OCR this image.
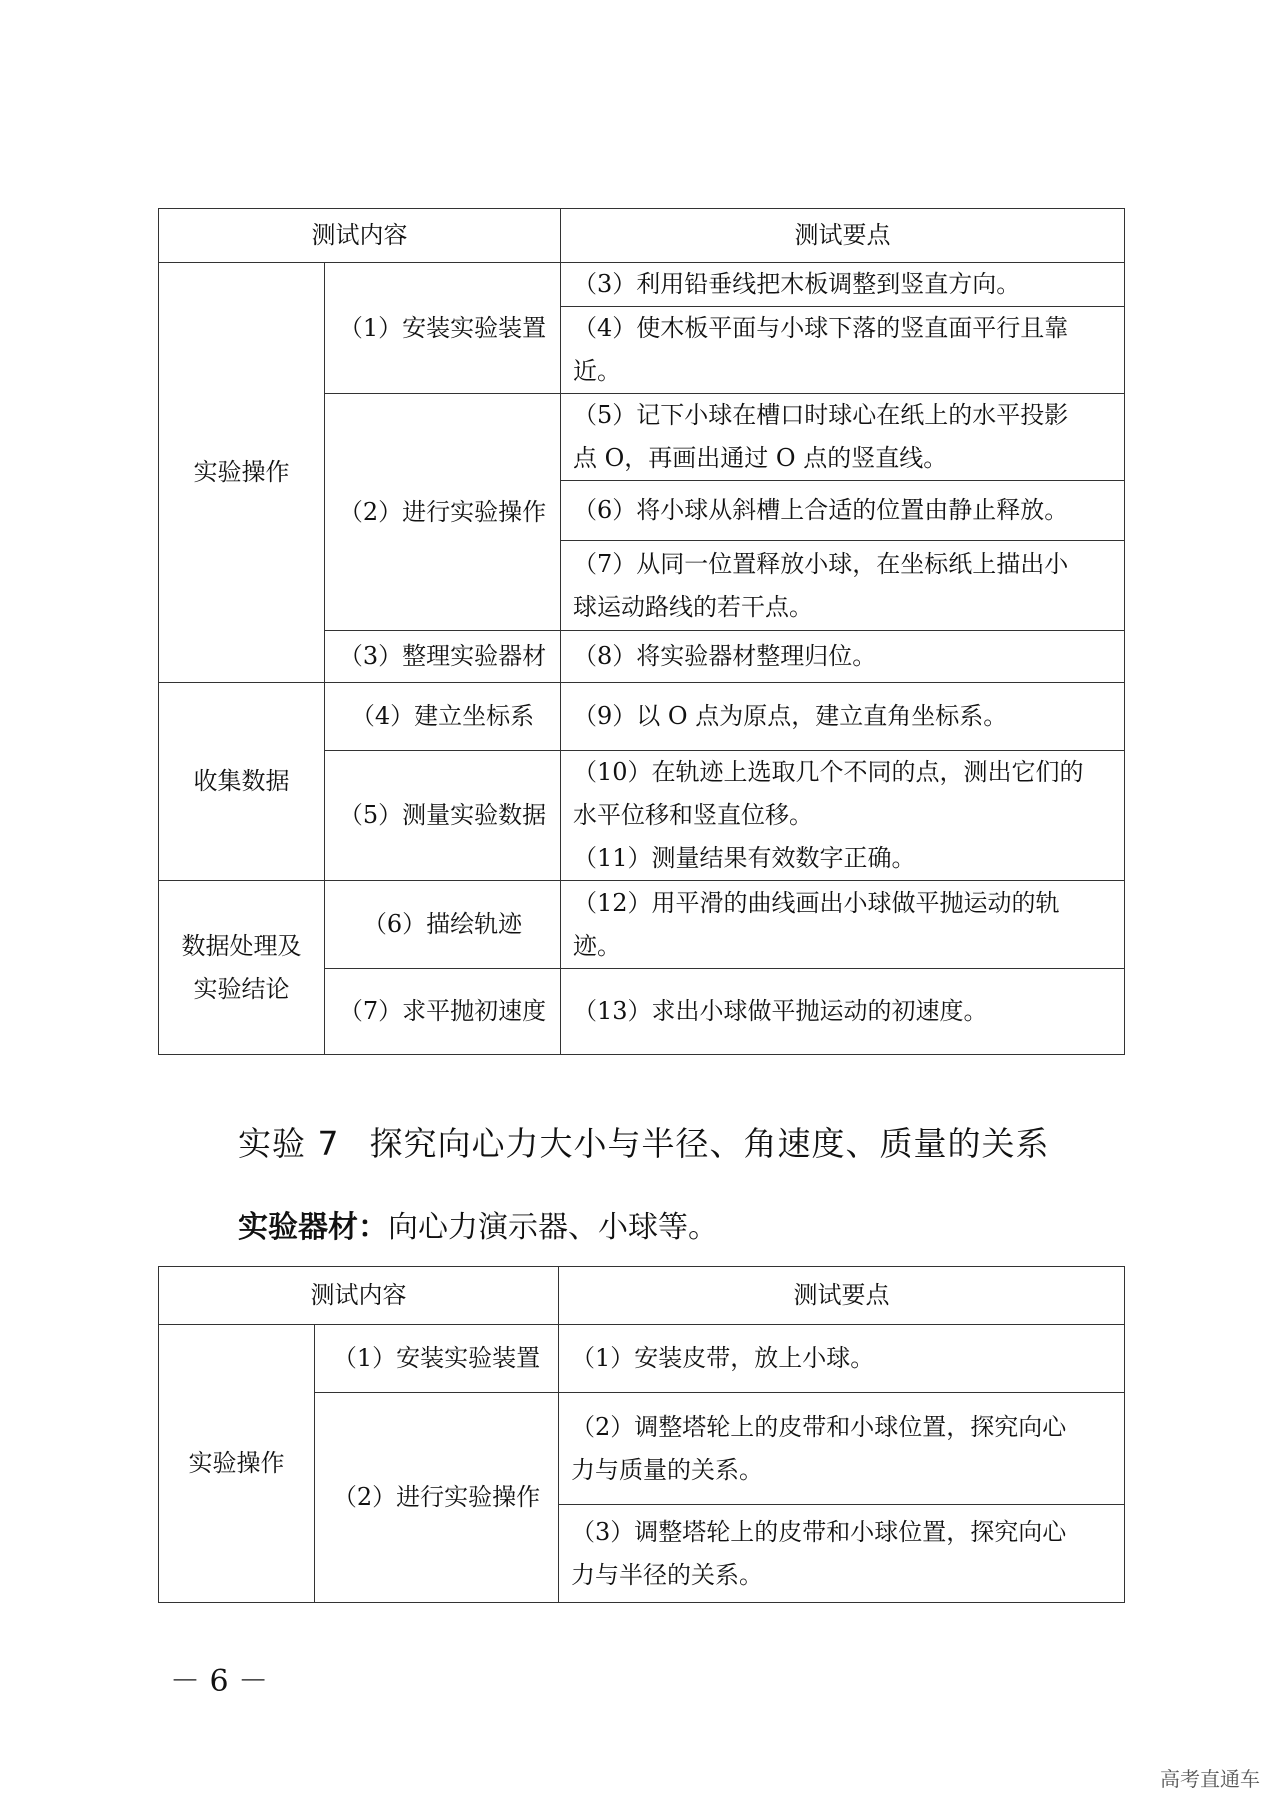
测试内容		测试要点
实验操作	（1）安装实验装置	（3）利用铅垂线把木板调整到竖直方向。

		（4）使木板平面与小球下落的竖直面平行且靠
近。

	（2）进行实验操作	（5）记下小球在槽口时球心在纸上的水平投影
点 O，再画出通过 O 点的竖直线。

		（6）将小球从斜槽上合适的位置由静止释放。

		（7）从同一位置释放小球，在坐标纸上描出小
球运动路线的若干点。

	（3）整理实验器材	（8）将实验器材整理归位。

收集数据	（4）建立坐标系	（9）以 O 点为原点，建立直角坐标系。

	（5）测量实验数据	（10）在轨迹上选取几个不同的点，测出它们的
水平位移和竖直位移。
（11）测量结果有效数字正确。

数据处理及
实验结论	（6）描绘轨迹	（12）用平滑的曲线画出小球做平抛运动的轨
迹。

	（7）求平抛初速度	（13）求出小球做平抛运动的初速度。
实验 7 探究向心力大小与半径、角速度、质量的关系
实验器材：向心力演示器、小球等。
测试内容		测试要点
实验操作	（1）安装实验装置	（1）安装皮带，放上小球。

	（2）进行实验操作	（2）调整塔轮上的皮带和小球位置，探究向心
力与质量的关系。

		（3）调整塔轮上的皮带和小球位置，探究向心
力与半径的关系。
－ 6 －
高考直通车
